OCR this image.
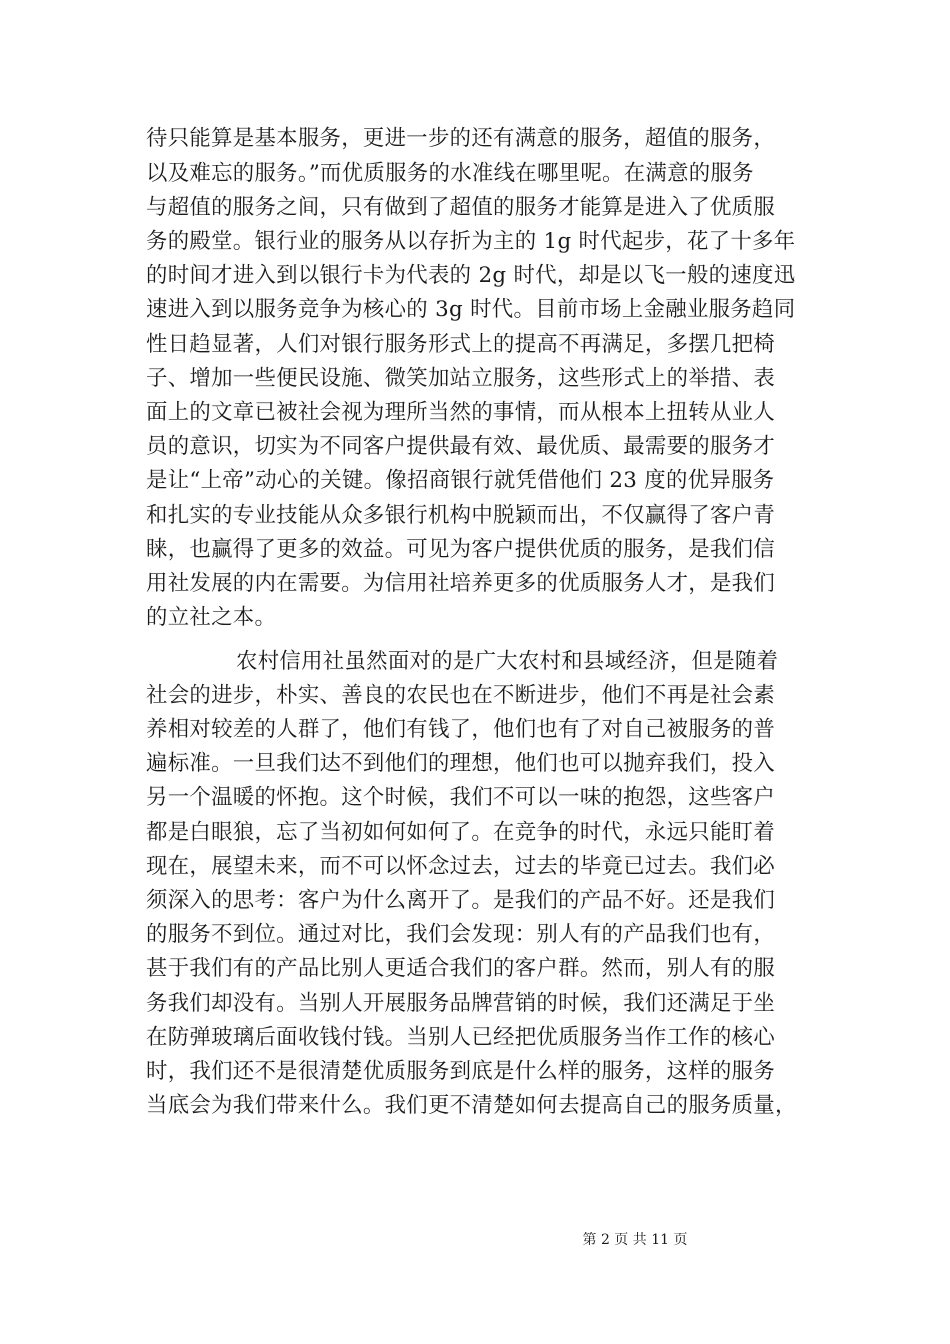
待只能算是基本服务，更进一步的还有满意的服务，超值的服务，
以及难忘的服务。”而优质服务的水准线在哪里呢。在满意的服务
与超值的服务之间，只有做到了超值的服务才能算是进入了优质服
务的殿堂。银行业的服务从以存折为主的 1g 时代起步，花了十多年
的时间才进入到以银行卡为代表的 2g 时代，却是以飞一般的速度迅
速进入到以服务竞争为核心的 3g 时代。目前市场上金融业服务趋同
性日趋显著，人们对银行服务形式上的提高不再满足，多摆几把椅
子、增加一些便民设施、微笑加站立服务，这些形式上的举措、表
面上的文章已被社会视为理所当然的事情，而从根本上扭转从业人
员的意识，切实为不同客户提供最有效、最优质、最需要的服务才
是让“上帝”动心的关键。像招商银行就凭借他们 23 度的优异服务
和扎实的专业技能从众多银行机构中脱颖而出，不仅赢得了客户青
睐，也赢得了更多的效益。可见为客户提供优质的服务，是我们信
用社发展的内在需要。为信用社培养更多的优质服务人才，是我们
的立社之本。
农村信用社虽然面对的是广大农村和县域经济，但是随着
社会的进步，朴实、善良的农民也在不断进步，他们不再是社会素
养相对较差的人群了，他们有钱了，他们也有了对自己被服务的普
遍标准。一旦我们达不到他们的理想，他们也可以抛弃我们，投入
另一个温暖的怀抱。这个时候，我们不可以一味的抱怨，这些客户
都是白眼狼，忘了当初如何如何了。在竞争的时代，永远只能盯着
现在，展望未来，而不可以怀念过去，过去的毕竟已过去。我们必
须深入的思考：客户为什么离开了。是我们的产品不好。还是我们
的服务不到位。通过对比，我们会发现：别人有的产品我们也有，
甚于我们有的产品比别人更适合我们的客户群。然而，别人有的服
务我们却没有。当别人开展服务品牌营销的时候，我们还满足于坐
在防弹玻璃后面收钱付钱。当别人已经把优质服务当作工作的核心
时，我们还不是很清楚优质服务到底是什么样的服务，这样的服务
当底会为我们带来什么。我们更不清楚如何去提高自己的服务质量，
第 2 页 共 11 页
